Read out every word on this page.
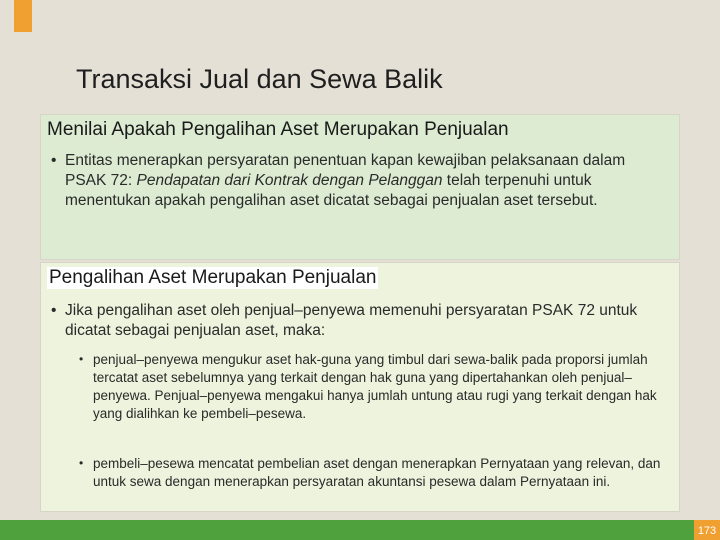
Transaksi Jual dan Sewa Balik
Menilai Apakah Pengalihan Aset Merupakan Penjualan
• Entitas menerapkan persyaratan penentuan kapan kewajiban pelaksanaan dalam PSAK 72: Pendapatan dari Kontrak dengan Pelanggan telah terpenuhi untuk menentukan apakah pengalihan aset dicatat sebagai penjualan aset tersebut.
Pengalihan Aset Merupakan Penjualan
• Jika pengalihan aset oleh penjual–penyewa memenuhi persyaratan PSAK 72 untuk dicatat sebagai penjualan aset, maka:
• penjual–penyewa mengukur aset hak-guna yang timbul dari sewa-balik pada proporsi jumlah tercatat aset sebelumnya yang terkait dengan hak guna yang dipertahankan oleh penjual–penyewa. Penjual–penyewa mengakui hanya jumlah untung atau rugi yang terkait dengan hak yang dialihkan ke pembeli–pesewa.
• pembeli–pesewa mencatat pembelian aset dengan menerapkan Pernyataan yang relevan, dan untuk sewa dengan menerapkan persyaratan akuntansi pesewa dalam Pernyataan ini.
173
